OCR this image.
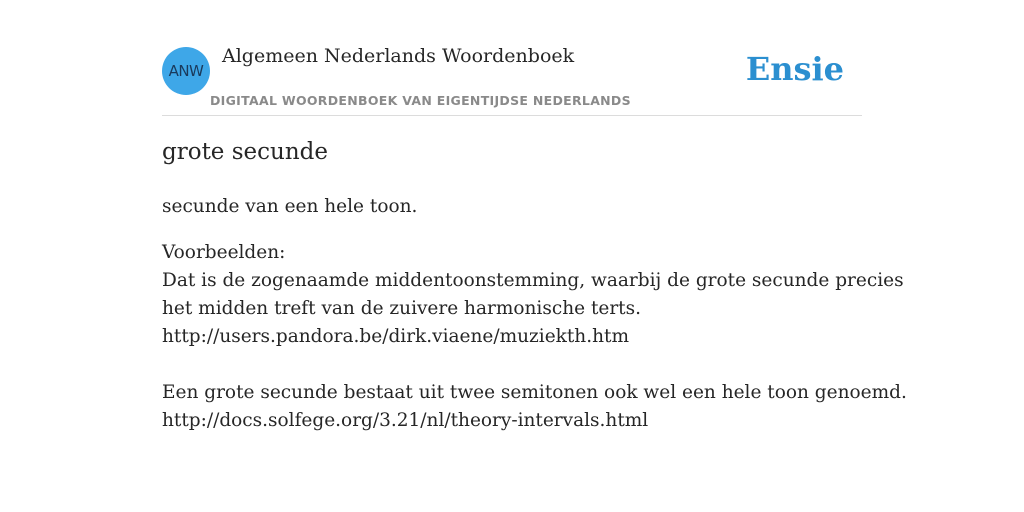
ANW
Algemeen Nederlands Woordenboek
DIGITAAL WOORDENBOEK VAN EIGENTIJDSE NEDERLANDS
Ensie
grote secunde
secunde van een hele toon.
Voorbeelden:
Dat is de zogenaamde middentoonstemming, waarbij de grote secunde precies
het midden treft van de zuivere harmonische terts.
http://users.pandora.be/dirk.viaene/muziekth.htm
Een grote secunde bestaat uit twee semitonen ook wel een hele toon genoemd.
http://docs.solfege.org/3.21/nl/theory-intervals.html
